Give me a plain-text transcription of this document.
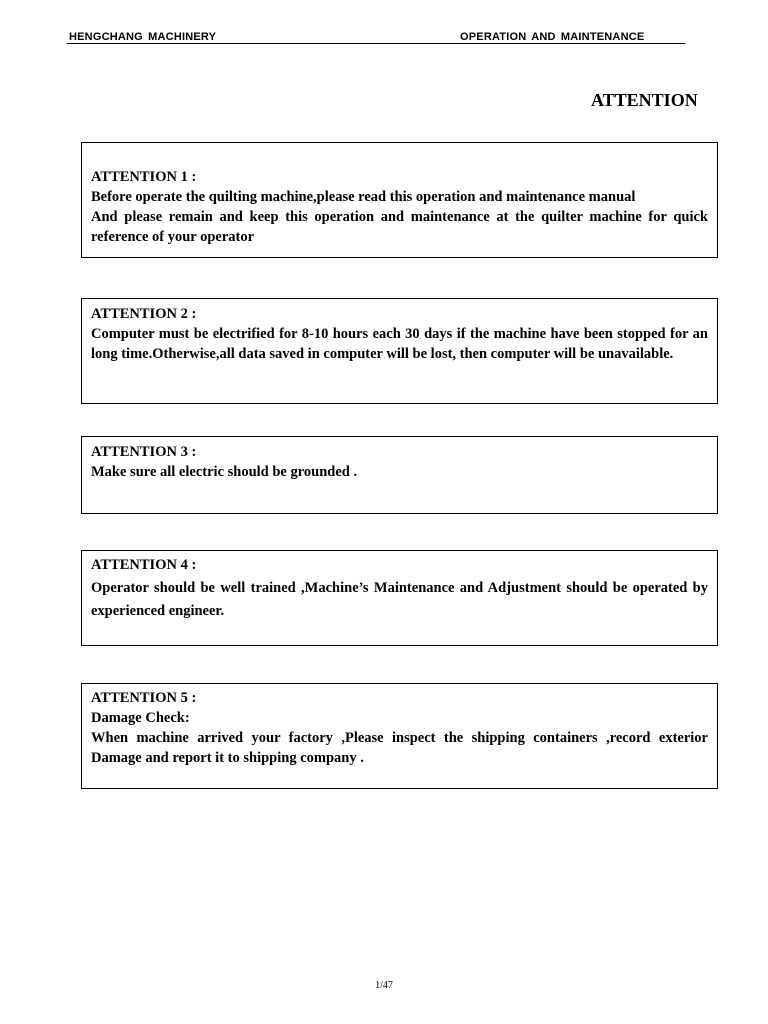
HENGCHANG MACHINERY	OPERATION AND MAINTENANCE
ATTENTION

ATTENTION 1 :

Before operate the quilting machine,please read this operation and maintenance manual

And please remain and keep this operation and maintenance at the quilter machine for quick reference of your operator

ATTENTION 2 :

Computer must be electrified for 8-10 hours each 30 days if the machine have been stopped for an long time.Otherwise,all data saved in computer will be lost, then computer will be unavailable.

ATTENTION 3 :

Make sure all electric should be grounded .

ATTENTION 4 :

Operator should be well trained ,Machine’s Maintenance and Adjustment should be operated by experienced engineer.

ATTENTION 5 :

Damage Check:

When machine arrived your factory ,Please inspect the shipping containers ,record exterior Damage and report it to shipping company .

1/47
